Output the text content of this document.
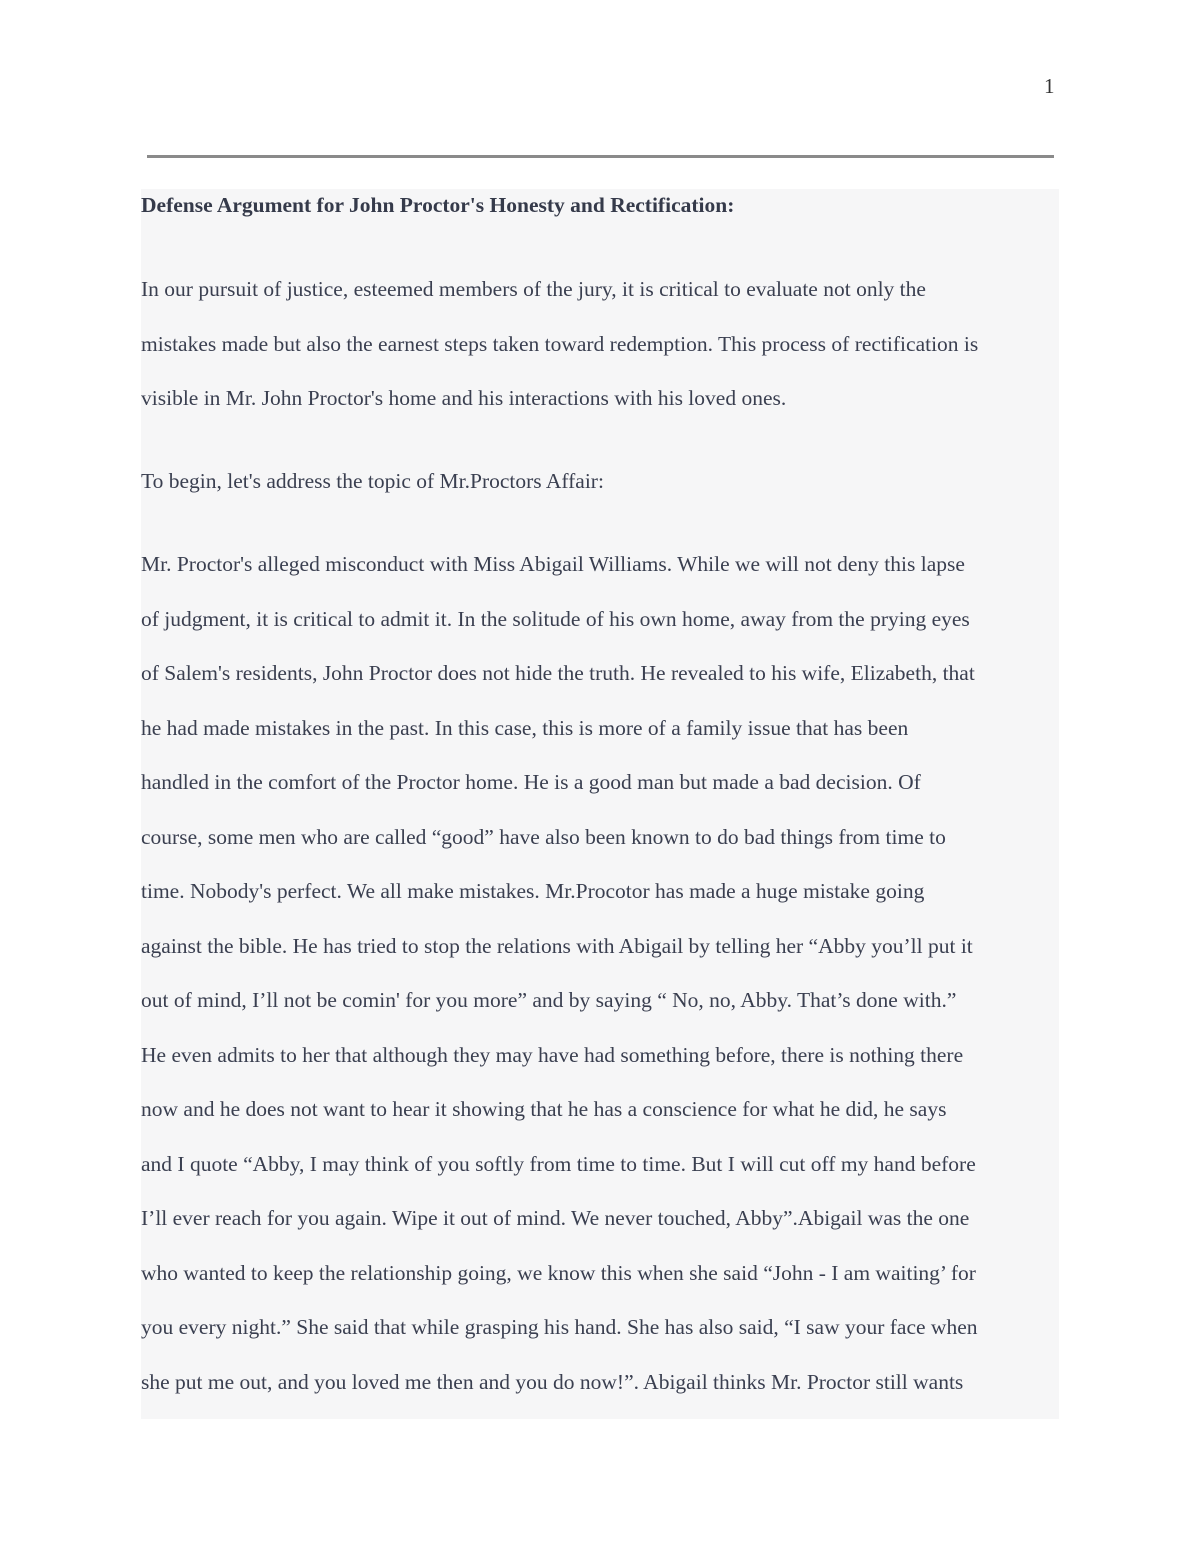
1
Defense Argument for John Proctor's Honesty and Rectification:
In our pursuit of justice, esteemed members of the jury, it is critical to evaluate not only the
mistakes made but also the earnest steps taken toward redemption. This process of rectification is
visible in Mr. John Proctor's home and his interactions with his loved ones.
To begin, let's address the topic of Mr.Proctors Affair:
Mr. Proctor's alleged misconduct with Miss Abigail Williams. While we will not deny this lapse
of judgment, it is critical to admit it. In the solitude of his own home, away from the prying eyes
of Salem's residents, John Proctor does not hide the truth. He revealed to his wife, Elizabeth, that
he had made mistakes in the past. In this case, this is more of a family issue that has been
handled in the comfort of the Proctor home. He is a good man but made a bad decision. Of
course, some men who are called “good” have also been known to do bad things from time to
time. Nobody's perfect. We all make mistakes. Mr.Procotor has made a huge mistake going
against the bible. He has tried to stop the relations with Abigail by telling her “Abby you’ll put it
out of mind, I’ll not be comin' for you more” and by saying “ No, no, Abby. That’s done with.”
He even admits to her that although they may have had something before, there is nothing there
now and he does not want to hear it showing that he has a conscience for what he did, he says
and I quote “Abby, I may think of you softly from time to time. But I will cut off my hand before
I’ll ever reach for you again. Wipe it out of mind. We never touched, Abby”.Abigail was the one
who wanted to keep the relationship going, we know this when she said “John - I am waiting’ for
you every night.” She said that while grasping his hand. She has also said, “I saw your face when
she put me out, and you loved me then and you do now!”. Abigail thinks Mr. Proctor still wants
